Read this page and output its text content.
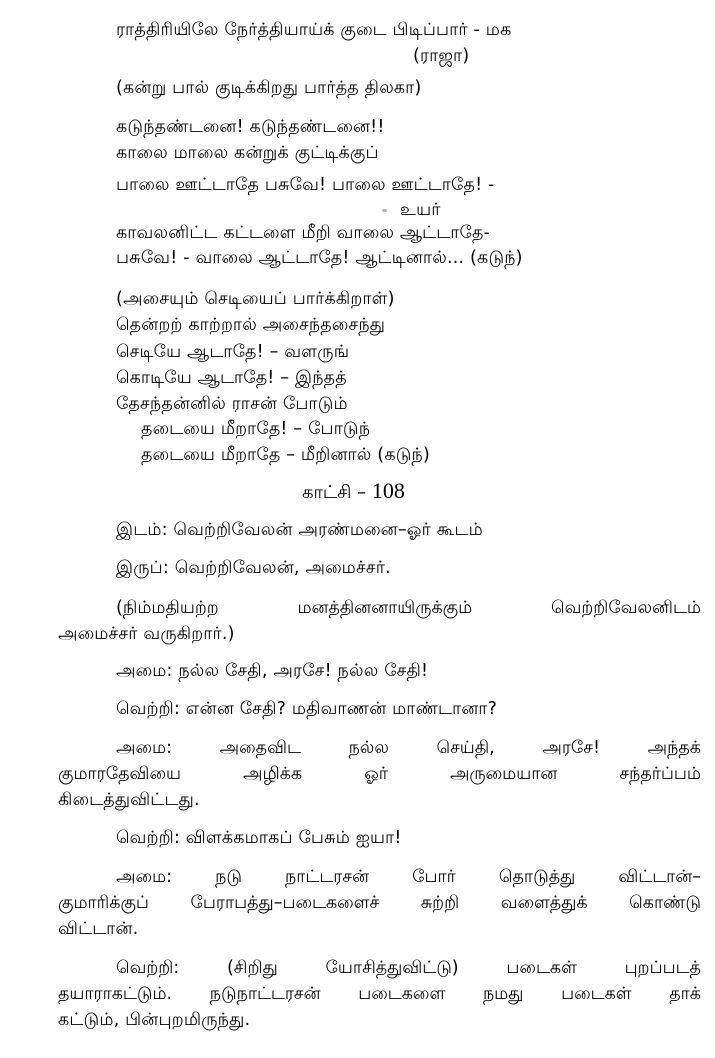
ராத்திரியிலே நேர்த்தியாய்க் குடை பிடிப்பார் - மக
(ராஜா)
(கன்று பால் குடிக்கிறது பார்த்த திலகா)
கடுந்தண்டனை! கடுந்தண்டனை!!
காலை மாலை கன்றுக் குட்டிக்குப்
பாலை ஊட்டாதே பசுவே! பாலை ஊட்டாதே! -
உயர்
காவலனிட்ட கட்டளை மீறி வாலை ஆட்டாதே-
பசுவே! - வாலை ஆட்டாதே! ஆட்டினால்... (கடுந்)
(அசையும் செடியைப் பார்க்கிறாள்)
தென்றற் காற்றால் அசைந்தசைந்து
செடியே ஆடாதே! – வளருங்
கொடியே ஆடாதே! – இந்தத்
தேசந்தன்னில் ராசன் போடும்
தடையை மீறாதே! – போடுந்
தடையை மீறாதே – மீறினால் (கடுந்)
காட்சி – 108
இடம்: வெற்றிவேலன் அரண்மனை–ஓர் கூடம்
இருப்: வெற்றிவேலன், அமைச்சர்.
(நிம்மதியற்ற	மனத்தினனாயிருக்கும்	வெற்றிவேலனிடம்
அமைச்சர் வருகிறார்.)
அமை: நல்ல சேதி, அரசே! நல்ல சேதி!
வெற்றி: என்ன சேதி? மதிவாணன் மாண்டானா?
அமை:	அதைவிட	நல்ல	செய்தி,	அரசே!	அந்தக்
குமாரதேவியை	அழிக்க	ஓர்	அருமையான	சந்தர்ப்பம்
கிடைத்துவிட்டது.
வெற்றி: விளக்கமாகப் பேசும் ஐயா!
அமை: நடு நாட்டரசன் போர் தொடுத்து விட்டான்–
குமாரிக்குப் பேராபத்து–படைகளைச் சுற்றி வளைத்துக் கொண்டு
விட்டான்.
வெற்றி:	(சிறிது	யோசித்துவிட்டு)	படைகள்	புறப்படத்
தயாராகட்டும். நடுநாட்டரசன் படைகளை நமது படைகள் தாக்
கட்டும், பின்புறமிருந்து.
